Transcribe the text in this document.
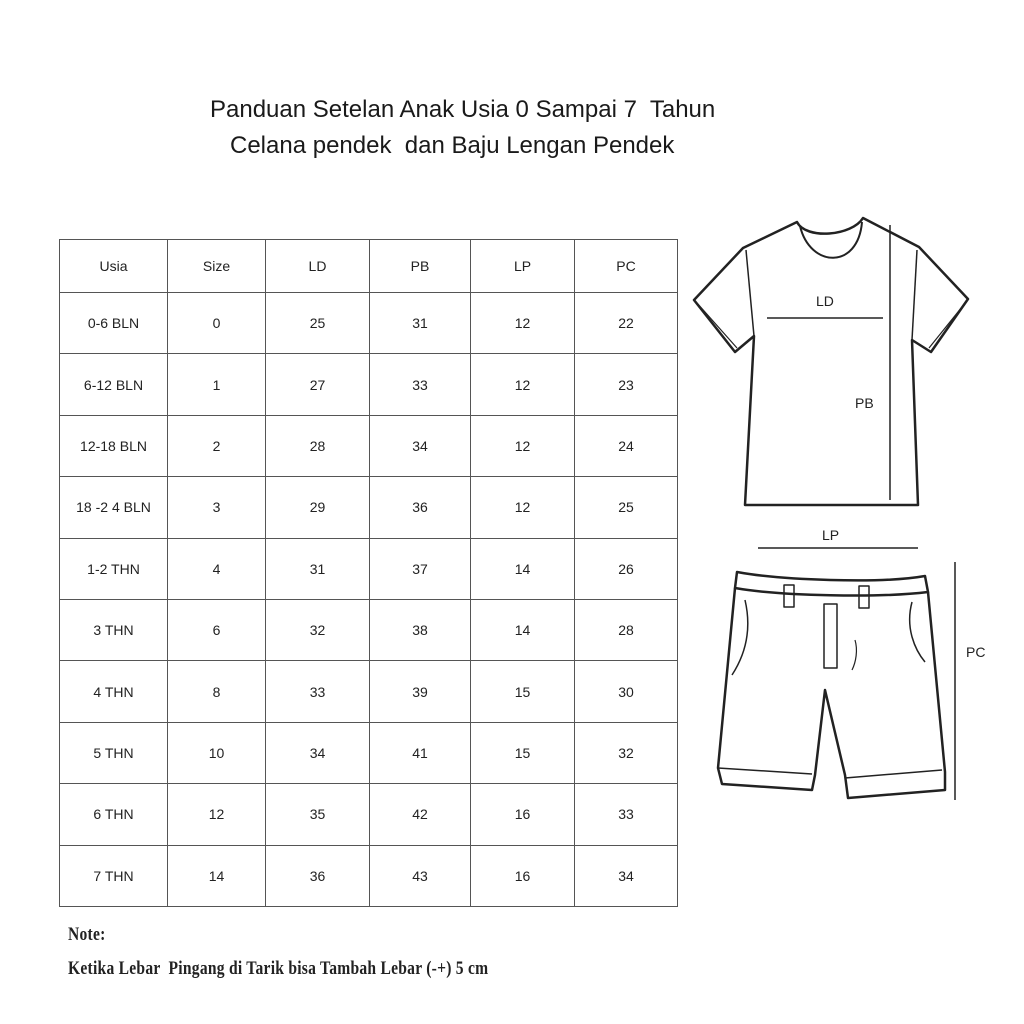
Panduan Setelan Anak Usia 0 Sampai 7  Tahun
Celana pendek  dan Baju Lengan Pendek
Usia	Size	LD	PB	LP	PC
0-6 BLN	0	25	31	12	22
6-12 BLN	1	27	33	12	23
12-18 BLN	2	28	34	12	24
18 -2 4 BLN	3	29	36	12	25
1-2 THN	4	31	37	14	26
3 THN	6	32	38	14	28
4 THN	8	33	39	15	30
5 THN	10	34	41	15	32
6 THN	12	35	42	16	33
7 THN	14	36	43	16	34
LD
PB
LP
PC
Note:
Ketika Lebar  Pingang di Tarik bisa Tambah Lebar (-+) 5 cm
